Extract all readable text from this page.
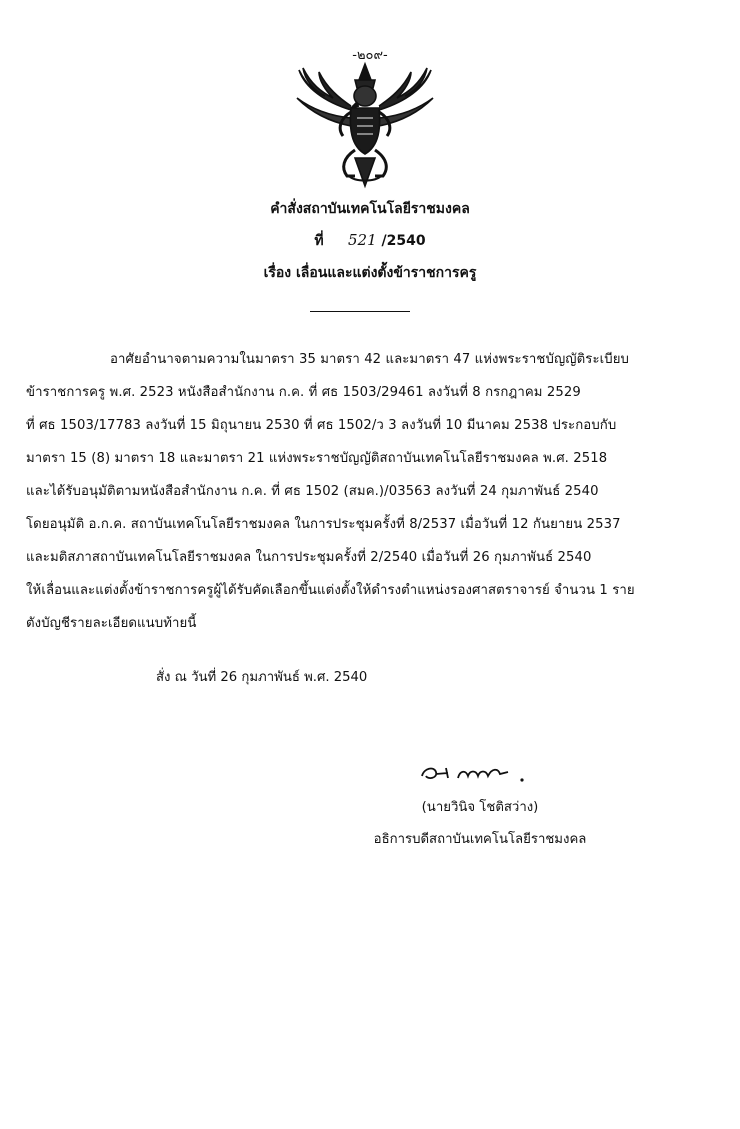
-๒๐๙-
คำสั่งสถาบันเทคโนโลยีราชมงคล
ที่ 521 /2540
เรื่อง เลื่อนและแต่งตั้งข้าราชการครู
อาศัยอำนาจตามความในมาตรา 35 มาตรา 42 และมาตรา 47 แห่งพระราชบัญญัติระเบียบ
ข้าราชการครู พ.ศ. 2523 หนังสือสำนักงาน ก.ค. ที่ ศธ 1503/29461 ลงวันที่ 8 กรกฎาคม 2529
ที่ ศธ 1503/17783 ลงวันที่ 15 มิถุนายน 2530 ที่ ศธ 1502/ว 3 ลงวันที่ 10 มีนาคม 2538 ประกอบกับ
มาตรา 15 (8) มาตรา 18 และมาตรา 21 แห่งพระราชบัญญัติสถาบันเทคโนโลยีราชมงคล พ.ศ. 2518
และได้รับอนุมัติตามหนังสือสำนักงาน ก.ค. ที่ ศธ 1502 (สมค.)/03563 ลงวันที่ 24 กุมภาพันธ์ 2540
โดยอนุมัติ อ.ก.ค. สถาบันเทคโนโลยีราชมงคล ในการประชุมครั้งที่ 8/2537 เมื่อวันที่ 12 กันยายน 2537
และมติสภาสถาบันเทคโนโลยีราชมงคล ในการประชุมครั้งที่ 2/2540 เมื่อวันที่ 26 กุมภาพันธ์ 2540
ให้เลื่อนและแต่งตั้งข้าราชการครูผู้ได้รับคัดเลือกขึ้นแต่งตั้งให้ดำรงตำแหน่งรองศาสตราจารย์ จำนวน 1 ราย
ตังบัญชีรายละเอียดแนบท้ายนี้
สั่ง ณ วันที่ 26 กุมภาพันธ์ พ.ศ. 2540
(นายวินิจ โชติสว่าง)
อธิการบดีสถาบันเทคโนโลยีราชมงคล
